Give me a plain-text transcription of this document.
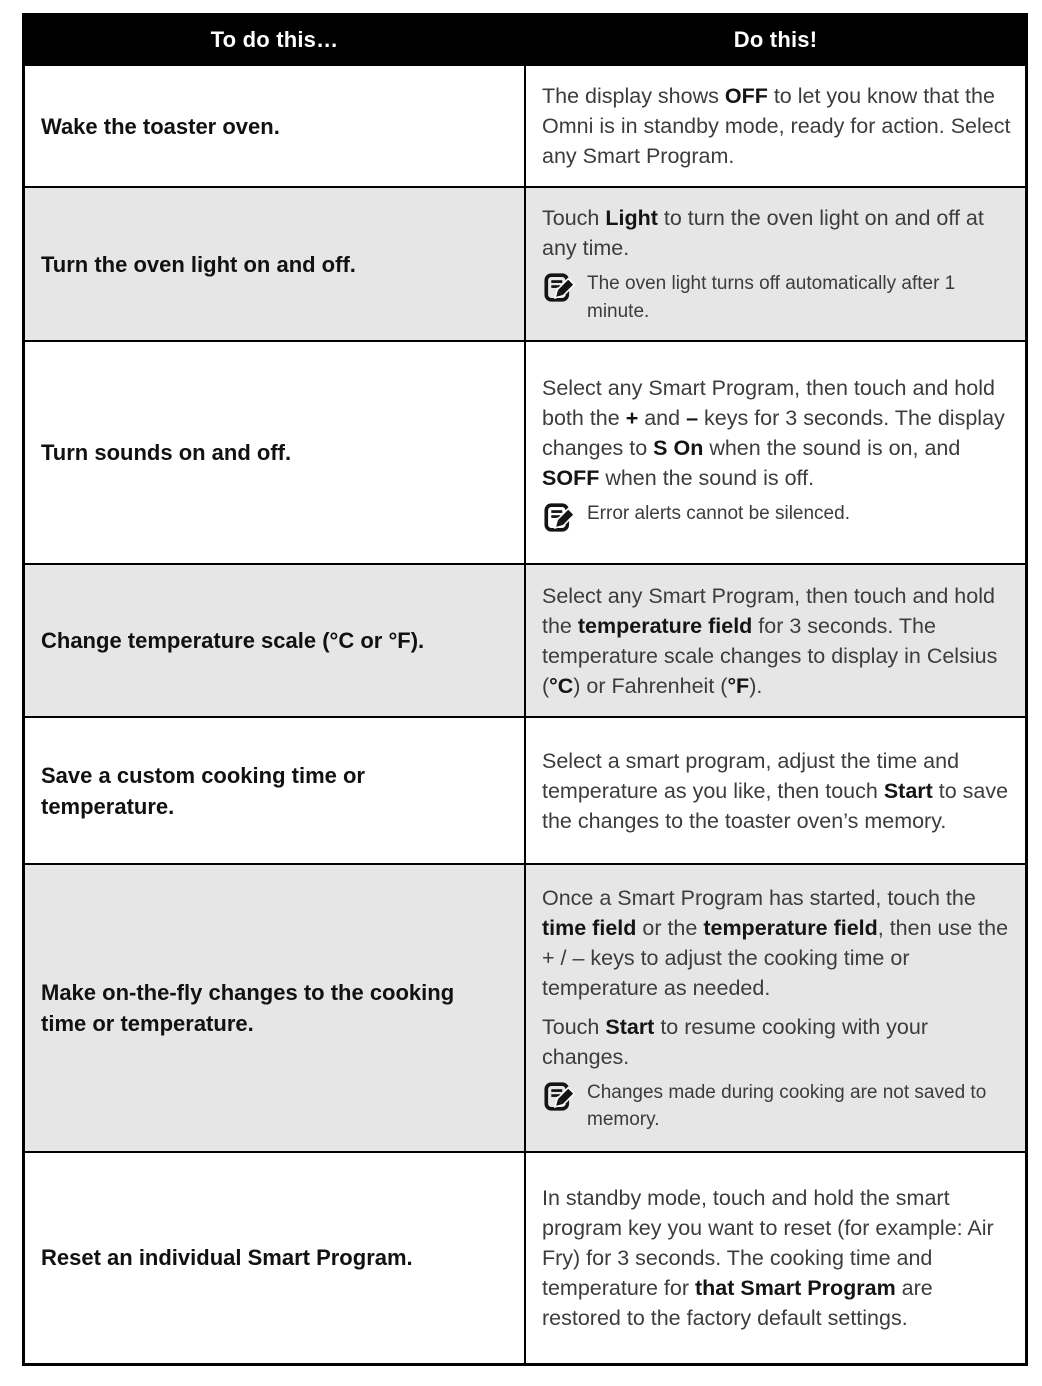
To do this…	Do this!
Wake the toaster oven.	The display shows OFF to let you know that the Omni is in standby mode, ready for action. Select any Smart Program.

Turn the oven light on and off.	Touch Light to turn the oven light on and off at any time.

The oven light turns off automatically after 1 minute.

Turn sounds on and off.	Select any Smart Program, then touch and hold both the + and – keys for 3 seconds. The display changes to S On when the sound is on, and SOFF when the sound is off.

Error alerts cannot be silenced.

Change temperature scale (°C or °F).	Select any Smart Program, then touch and hold the temperature field for 3 seconds. The temperature scale changes to display in Celsius (°C) or Fahrenheit (°F).

Save a custom cooking time or temperature.	Select a smart program, adjust the time and temperature as you like, then touch Start to save the changes to the toaster oven’s memory.

Make on-the-fly changes to the cooking time or temperature.	Once a Smart Program has started, touch the time field or the temperature field, then use the + / – keys to adjust the cooking time or temperature as needed.

Touch Start to resume cooking with your changes.

Changes made during cooking are not saved to memory.

Reset an individual Smart Program.	In standby mode, touch and hold the smart program key you want to reset (for example: Air Fry) for 3 seconds. The cooking time and temperature for that Smart Program are restored to the factory default settings.
